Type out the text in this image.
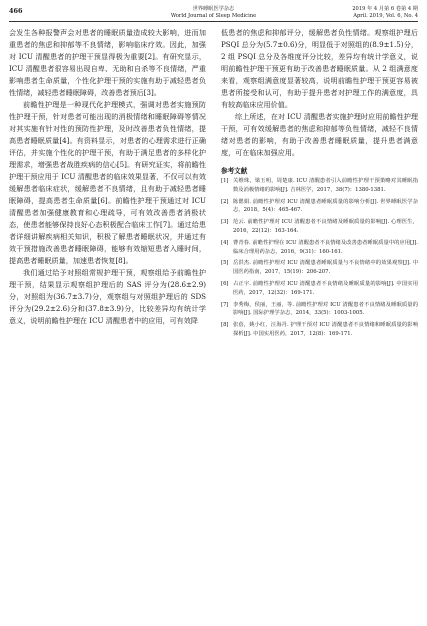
466	世界睡眠医学杂志
World Journal of Sleep Medicine
2019 年 4 月第 6 卷第 4 期
April. 2019, Vol. 6, No. 4

会发生各种报警声会对患者的睡眠质量造成较大影响，进而加重患者的焦虑和抑郁等不良情绪，影响临床疗效。因此，加强对 ICU 清醒患者的护理干预显得极为重要[2]。有研究显示，ICU 清醒患者很容易出现自卑、无助和自杀等不良情绪，严重影响患者生命质量，个性化护理干预的实施有助于减轻患者负性情绪，减轻患者睡眠障碍，改善患者预后[3]。

前瞻性护理是一种现代化护理模式，强调对患者实施预防性护理干预，针对患者可能出现的消极情绪和睡眠障碍等情况对其实施有针对性的预防性护理，及时改善患者负性情绪，提高患者睡眠质量[4]。有资料显示，对患者的心理需求进行正确评估，并实施个性化的护理干预，有助于满足患者的多样化护理需求，增强患者战胜疾病的信心[5]。有研究证实，将前瞻性护理干预应用于 ICU 清醒患者的临床效果显著，不仅可以有效缓解患者临床症状，缓解患者不良情绪，且有助于减轻患者睡眠障碍，提高患者生命质量[6]。前瞻性护理干预通过对 ICU 清醒患者加强健康教育和心理疏导，可有效改善患者消极状态，使患者能够保持良好心态积极配合临床工作[7]。通过给患者详细讲解疾病相关知识，积极了解患者睡眠状况，并通过有效干预措施改善患者睡眠障碍，能够有效缩短患者入睡时间，提高患者睡眠质量，加速患者恢复[8]。

我们通过给予对照组常规护理干预，观察组给予前瞻性护理干预，结果显示观察组护理后的 SAS 评分为(28.6±2.9)分，对照组为(36.7±3.7)分，观察组与对照组护理后的 SDS 评分为(29.2±2.6)分和(37.8±3.9)分，比较差异均有统计学意义，说明前瞻性护理在 ICU 清醒患者中的应用，可有效降

低患者的焦虑和抑郁评分，缓解患者负性情绪。观察组护理后 PSQI 总分为(5.7±0.6)分，明显低于对照组的(8.9±1.5)分，2 组 PSQI 总分及各维度评分比较，差异均有统计学意义，说明前瞻性护理干预更有助于改善患者睡眠质量。从 2 组满意度来看，观察组满意度显著较高，说明前瞻性护理干预更容易被患者所接受和认可，有助于提升患者对护理工作的满意度，具有较高临床应用价值。

综上所述，在对 ICU 清醒患者实施护理时应用前瞻性护理干预，可有效缓解患者的焦虑和抑郁等负性情绪，减轻不良情绪对患者的影响，有助于改善患者睡眠质量，提升患者满意度，可在临床加强应用。

参考文献
[1] 关维珠，梁玉明，周楚康. ICU 清醒患者引入前瞻性护理干预策略对其睡眠指数及消极情绪的影响[J]. 吉林医学，2017，38(7)：1380-1381.
[2] 陈偲娟. 前瞻性护理对 ICU 清醒患者睡眠质量的影响分析[J]. 世界睡眠医学杂志，2018，5(4)：465-467.
[3] 范云. 前瞻性护理对 ICU 清醒患者不良情绪及睡眠质量的影响[J]. 心理医生，2016，22(12)：163-164.
[4] 曹青春. 前瞻性护理在 ICU 清醒患者不良情绪及改善患者睡眠质量中的应用[J]. 临床合理用药杂志，2016，9(31)：160-161.
[5] 岳洪杰. 前瞻性护理对 ICU 清醒患者睡眠质量与不良情绪中的效果观察[J]. 中国医药指南，2017，15(19)：206-207.
[6] 占正宇. 前瞻性护理对 ICU 清醒患者不良情绪及睡眠质量的影响[J]. 中国实用医药，2017，12(32)：169-171.
[7] 李秀梅，侯丽，王丽，等. 前瞻性护理对 ICU 清醒患者不良情绪及睡眠质量的影响[J]. 国际护理学杂志，2014，33(5)：1003-1005.
[8] 张蓓，姚小红，汪海丹. 护理干预对 ICU 清醒患者不良情绪和睡眠质量的影响探析[J]. 中国实用医药，2017，12(8)：169-171.
